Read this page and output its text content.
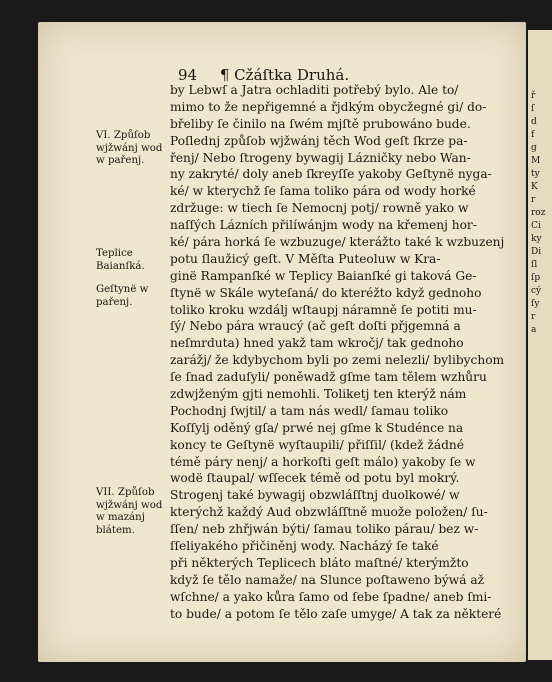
ř
ſ
d
f
g
M
ty
K
r
roz
Ci
ky
Di
ſl
ſp
cý
ſy
r
a
94 ¶ Cžáſtka Druhá.
by Lebwſ a Jatra ochladiti potřebý bylo. Ale to/
mimo to že nepřigemné a řjdkým obycžegné gi/ do-
břeliby ſe činilo na ſwém mjſtě prubowáno bude.
Poſlednj způſob wjžwánj těch Wod geſt ſkrze pa-
řenj/ Nebo ſtrogeny bywagij Lázničky nebo Wan-
ny zakryté/ doly aneb ſkreyſſe yakoby Geſtynë nyga-
ké/ w kterychž ſe ſama toliko pára od wody horké
zdržuge: w tiech ſe Nemocnj potj/ rowně yako w
naſſých Lázních přilíwánjm wody na křemenj hor-
ké/ pára horká ſe wzbuzuge/ kterážto také k wzbuzenj
potu ſlaužicý geſt. V Měſta Puteoluw w Kra-
ginë Rampanſké w Teplicy Baianſké gi taková Ge-
ſtynë w Skále wyteſaná/ do kteréžto když gednoho
toliko kroku wzdálj wſtaupj náramně ſe potiti mu-
ſý/ Nebo pára wraucý (ač geſt doſti přjgemná a
neſmrduta) hned yakž tam wkročj/ tak gednoho
zarážj/ že kdybychom byli po zemi nelezli/ bylibychom
ſe ſnad zaduſyli/ poněwadž gſme tam tělem wzhůru
zdwjženým gjti nemohli. Toliketj ten kterýž nám
Pochodnj ſwjtil/ a tam nás wedl/ ſamau toliko
Koſſylj oděný gſa/ prwé nej gſme k Studénce na
koncy te Geſtynë wyſtaupili/ přiſſil/ (kdež žádné
témě páry nenj/ a horkoſti geſt málo) yakoby ſe w
wodë ſtaupal/ wſſecek témě od potu byl mokrý.
Strogenj také bywagij obzwláſſtnj duolkowé/ w
kterýchž každý Aud obzwláſſtně muože položen/ ſu-
ſſen/ neb zhřjwán býti/ ſamau toliko párau/ bez w-
ſſeliyakého přičiněnj wody. Nacházý ſe také
při některých Teplicech bláto maſtné/ kterýmžto
když ſe tělo namaže/ na Slunce poſtaweno býwá až
wſchne/ a yako kůra ſamo od ſebe ſpadne/ aneb ſmi-
to bude/ a potom ſe tělo zaſe umyge/ A tak za některé
VI. Způſob wjžwánj wod w pařenj.
Teplice Baianſká.
Geſtynë w pařenj.
VII. Způſob wjžwánj wod w mazánj blátem.
